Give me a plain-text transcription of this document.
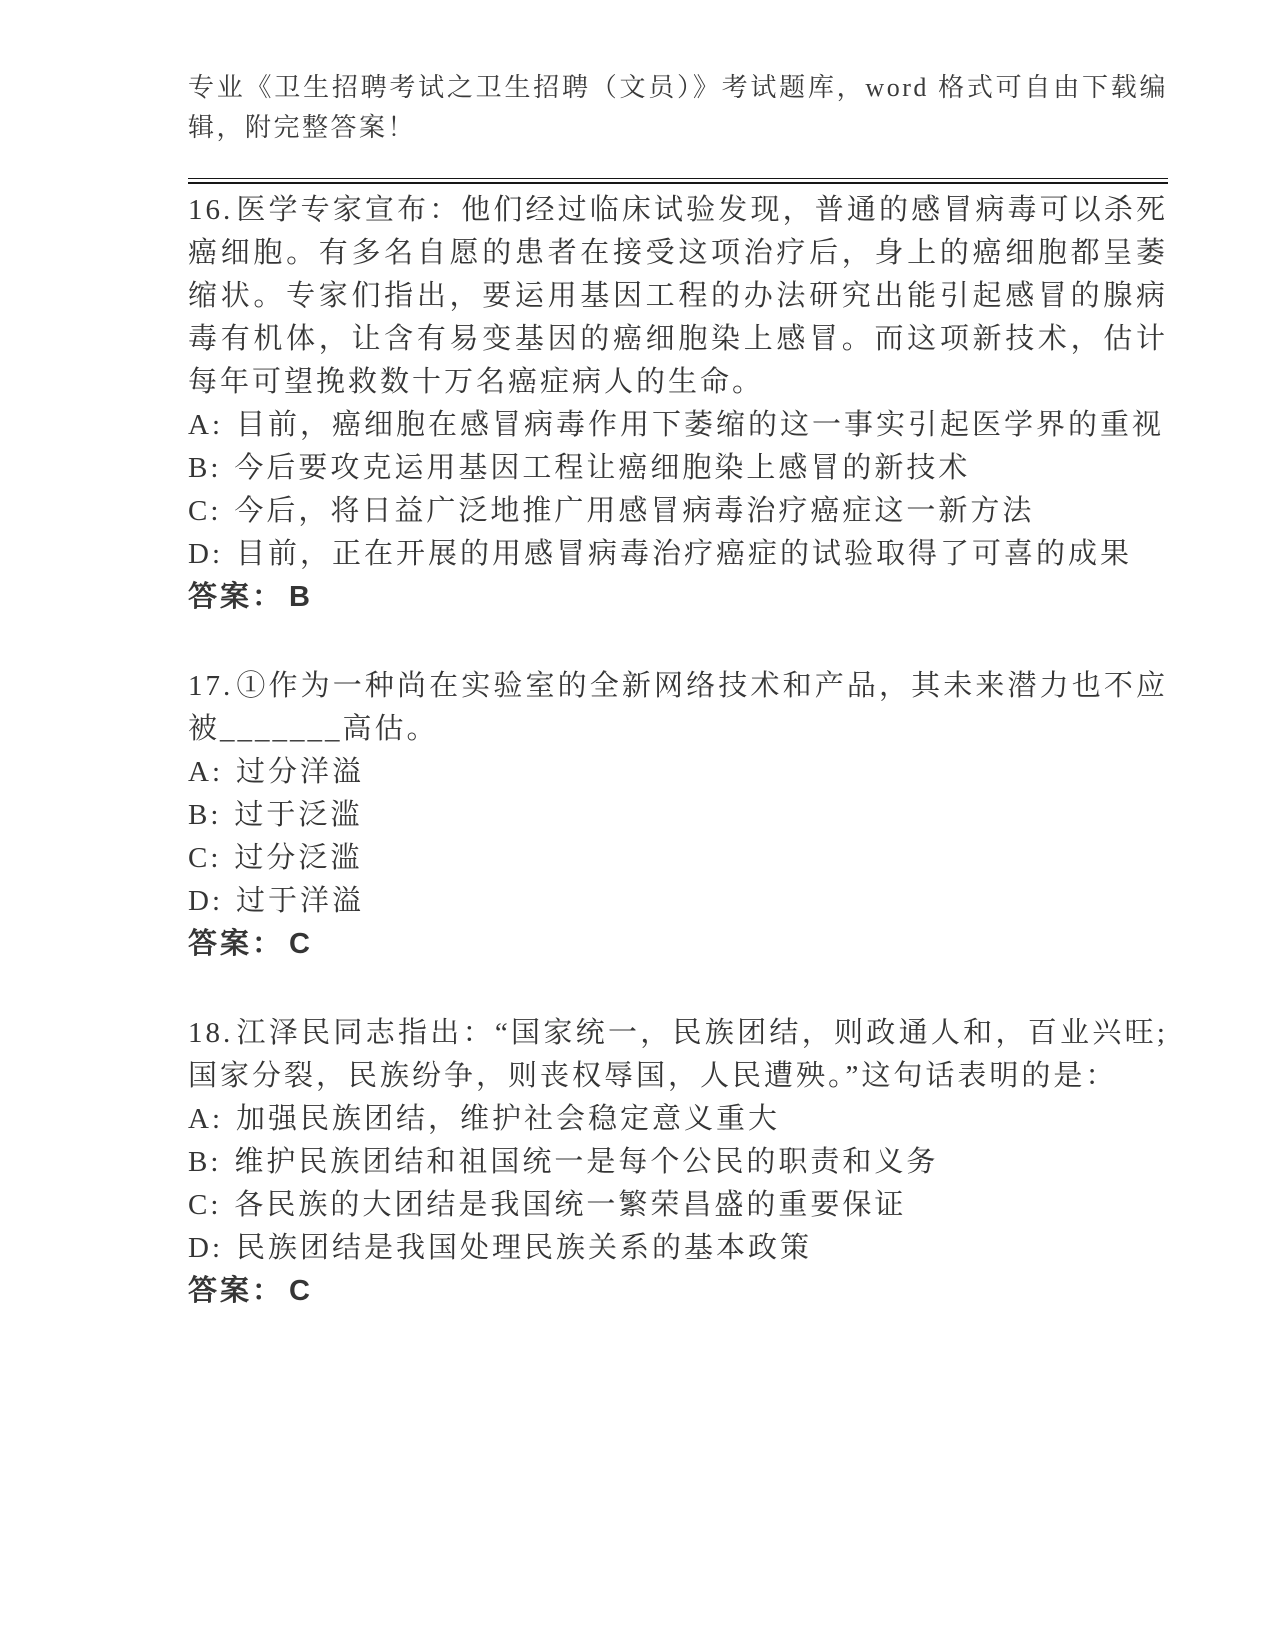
专业《卫生招聘考试之卫生招聘（文员）》考试题库，word 格式可自由下载编辑，附完整答案！

16. 医学专家宣布：他们经过临床试验发现，普通的感冒病毒可以杀死癌细胞。有多名自愿的患者在接受这项治疗后，身上的癌细胞都呈萎缩状。专家们指出，要运用基因工程的办法研究出能引起感冒的腺病毒有机体，让含有易变基因的癌细胞染上感冒。而这项新技术，估计每年可望挽救数十万名癌症病人的生命。

A: 目前，癌细胞在感冒病毒作用下萎缩的这一事实引起医学界的重视

B: 今后要攻克运用基因工程让癌细胞染上感冒的新技术

C: 今后，将日益广泛地推广用感冒病毒治疗癌症这一新方法

D: 目前，正在开展的用感冒病毒治疗癌症的试验取得了可喜的成果

答案： B

17. ①作为一种尚在实验室的全新网络技术和产品，其未来潜力也不应被_______高估。

A: 过分洋溢

B: 过于泛滥

C: 过分泛滥

D: 过于洋溢

答案： C

18. 江泽民同志指出：“国家统一，民族团结，则政通人和，百业兴旺;国家分裂，民族纷争，则丧权辱国，人民遭殃。”这句话表明的是：

A: 加强民族团结，维护社会稳定意义重大

B: 维护民族团结和祖国统一是每个公民的职责和义务

C: 各民族的大团结是我国统一繁荣昌盛的重要保证

D: 民族团结是我国处理民族关系的基本政策

答案： C
